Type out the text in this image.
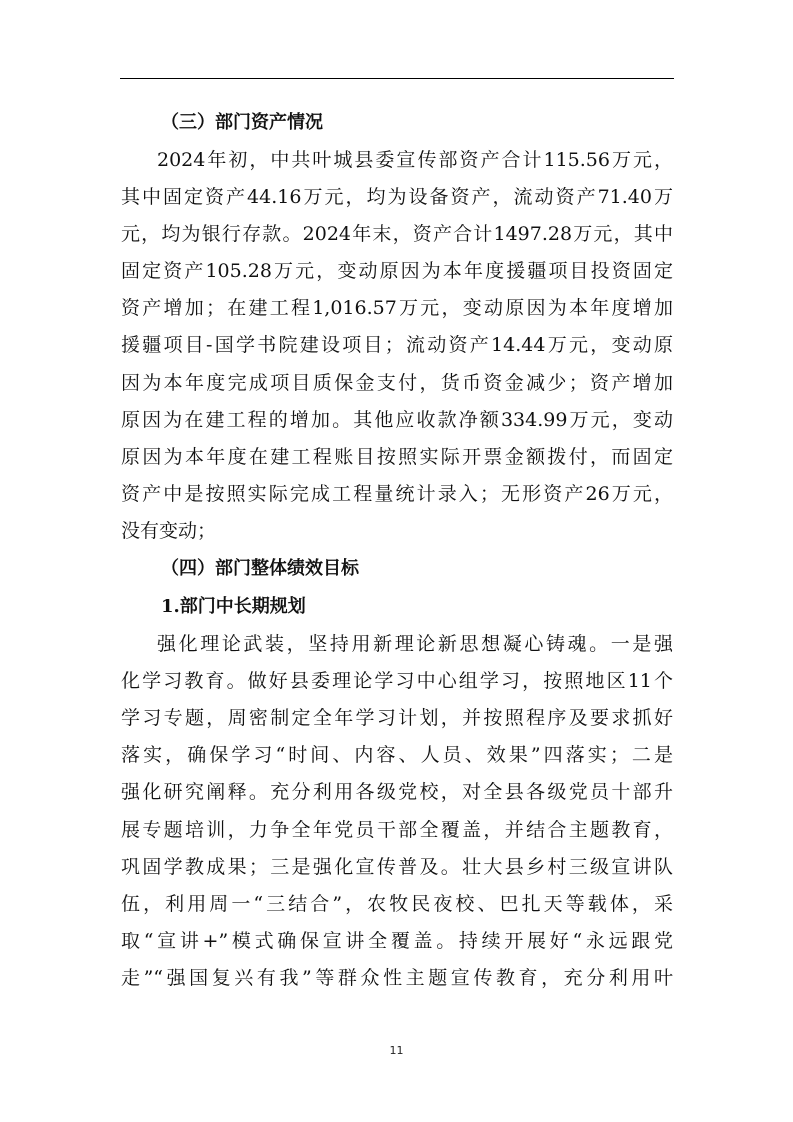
（三）部门资产情况
2024年初，中共叶城县委宣传部资产合计115.56万元，
其中固定资产44.16万元，均为设备资产，流动资产71.40万
元，均为银行存款。2024年末，资产合计1497.28万元，其中
固定资产105.28万元，变动原因为本年度援疆项目投资固定
资产增加；在建工程1,016.57万元，变动原因为本年度增加
援疆项目-国学书院建设项目；流动资产14.44万元，变动原
因为本年度完成项目质保金支付，货币资金减少；资产增加
原因为在建工程的增加。其他应收款净额334.99万元，变动
原因为本年度在建工程账目按照实际开票金额拨付，而固定
资产中是按照实际完成工程量统计录入；无形资产26万元，
没有变动；
（四）部门整体绩效目标
1.部门中长期规划
强化理论武装，坚持用新理论新思想凝心铸魂。一是强
化学习教育。做好县委理论学习中心组学习，按照地区11个
学习专题，周密制定全年学习计划，并按照程序及要求抓好
落实，确保学习“时间、内容、人员、效果”四落实；二是
强化研究阐释。充分利用各级党校，对全县各级党员十部升
展专题培训，力争全年党员干部全覆盖，并结合主题教育，
巩固学教成果；三是强化宣传普及。壮大县乡村三级宣讲队
伍，利用周一“三结合”，农牧民夜校、巴扎天等载体，采
取“宣讲+”模式确保宣讲全覆盖。持续开展好“永远跟党
走”“强国复兴有我”等群众性主题宣传教育，充分利用叶
11
